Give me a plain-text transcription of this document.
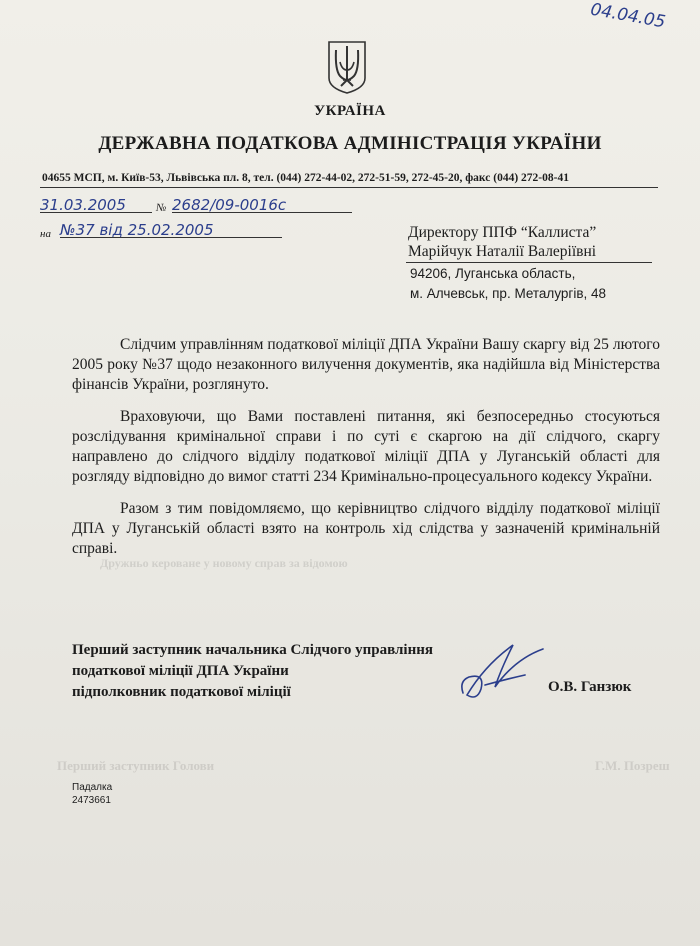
Дружньо кероване у новому справ за відомою
Перший заступник Голови	Г.М. Позреш
04.04.05
УКРАЇНА
ДЕРЖАВНА ПОДАТКОВА АДМІНІСТРАЦІЯ УКРАЇНИ
04655 МСП, м. Київ-53, Львівська пл. 8, тел. (044) 272-44-02, 272-51-59, 272-45-20, факс (044) 272-08-41
31.03.2005	№ 2682/09-0016c
на №37 від 25.02.2005	Директору ППФ “Каллиста”
Марійчук Наталії Валеріївні
94206, Луганська область,
м. Алчевськ, пр. Металургів, 48

Слідчим управлінням податкової міліції ДПА України Вашу скаргу від 25 лютого 2005 року №37 щодо незаконного вилучення документів, яка надійшла від Міністерства фінансів України, розглянуто.

Враховуючи, що Вами поставлені питання, які безпосередньо стосуються розслідування кримінальної справи і по суті є скаргою на дії слідчого, скаргу направлено до слідчого відділу податкової міліції ДПА у Луганській області для розгляду відповідно до вимог статті 234 Кримінально-процесуального кодексу України.

Разом з тим повідомляємо, що керівництво слідчого відділу податкової міліції ДПА у Луганській області взято на контроль хід слідства у зазначеній кримінальній справі.

Перший заступник начальника Слідчого управління
податкової міліції ДПА України
підполковник податкової міліції	О.В. Ганзюк
Падалка
2473661
